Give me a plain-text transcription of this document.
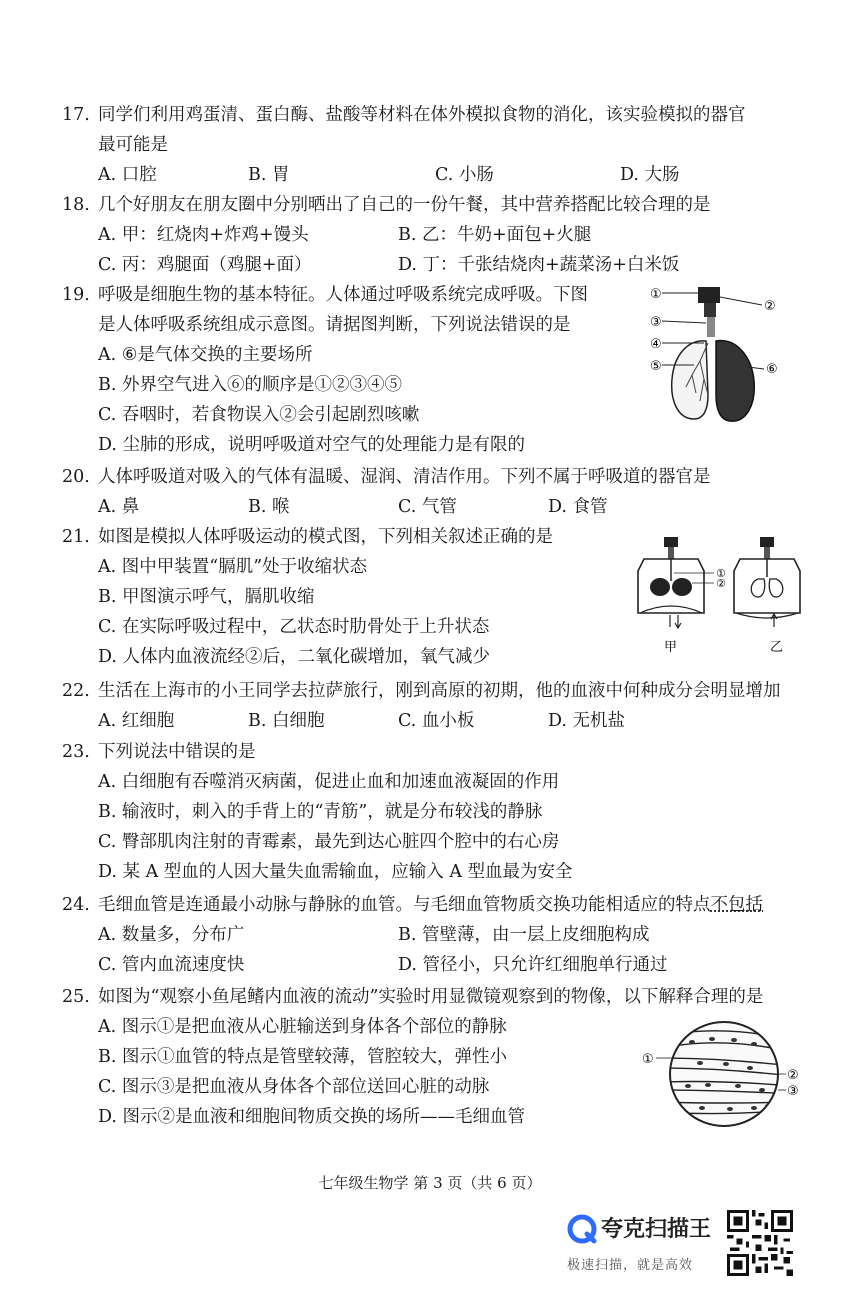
17. 同学们利用鸡蛋清、蛋白酶、盐酸等材料在体外模拟食物的消化，该实验模拟的器官
最可能是
A. 口腔	B. 胃	C. 小肠	D. 大肠
18. 几个好朋友在朋友圈中分别晒出了自己的一份午餐，其中营养搭配比较合理的是
A. 甲：红烧肉+炸鸡+馒头	B. 乙：牛奶+面包+火腿
C. 丙：鸡腿面（鸡腿+面）	D. 丁：千张结烧肉+蔬菜汤+白米饭
19. 呼吸是细胞生物的基本特征。人体通过呼吸系统完成呼吸。下图
是人体呼吸系统组成示意图。请据图判断，下列说法错误的是
A. ⑥是气体交换的主要场所
B. 外界空气进入⑥的顺序是①②③④⑤
C. 吞咽时，若食物误入②会引起剧烈咳嗽
D. 尘肺的形成，说明呼吸道对空气的处理能力是有限的
①
②
③
④
⑤	⑥
20. 人体呼吸道对吸入的气体有温暖、湿润、清洁作用。下列不属于呼吸道的器官是
A. 鼻	B. 喉	C. 气管	D. 食管
21. 如图是模拟人体呼吸运动的模式图，下列相关叙述正确的是
A. 图中甲装置“膈肌”处于收缩状态
B. 甲图演示呼气，膈肌收缩
C. 在实际呼吸过程中，乙状态时肋骨处于上升状态
D. 人体内血液流经②后，二氧化碳增加，氧气减少
①
②
甲	乙
22. 生活在上海市的小王同学去拉萨旅行，刚到高原的初期，他的血液中何种成分会明显增加
A. 红细胞	B. 白细胞	C. 血小板	D. 无机盐
23. 下列说法中错误的是
A. 白细胞有吞噬消灭病菌，促进止血和加速血液凝固的作用
B. 输液时，刺入的手背上的“青筋”，就是分布较浅的静脉
C. 臀部肌肉注射的青霉素，最先到达心脏四个腔中的右心房
D. 某 A 型血的人因大量失血需输血，应输入 A 型血最为安全
24. 毛细血管是连通最小动脉与静脉的血管。与毛细血管物质交换功能相适应的特点不包括
A. 数量多，分布广	B. 管壁薄，由一层上皮细胞构成
C. 管内血流速度快	D. 管径小，只允许红细胞单行通过
25. 如图为“观察小鱼尾鳍内血液的流动”实验时用显微镜观察到的物像，以下解释合理的是
A. 图示①是把血液从心脏输送到身体各个部位的静脉
B. 图示①血管的特点是管壁较薄，管腔较大，弹性小
C. 图示③是把血液从身体各个部位送回心脏的动脉
D. 图示②是血液和细胞间物质交换的场所——毛细血管
①
②
③
七年级生物学 第 3 页（共 6 页）
夸克扫描王
极速扫描，就是高效
